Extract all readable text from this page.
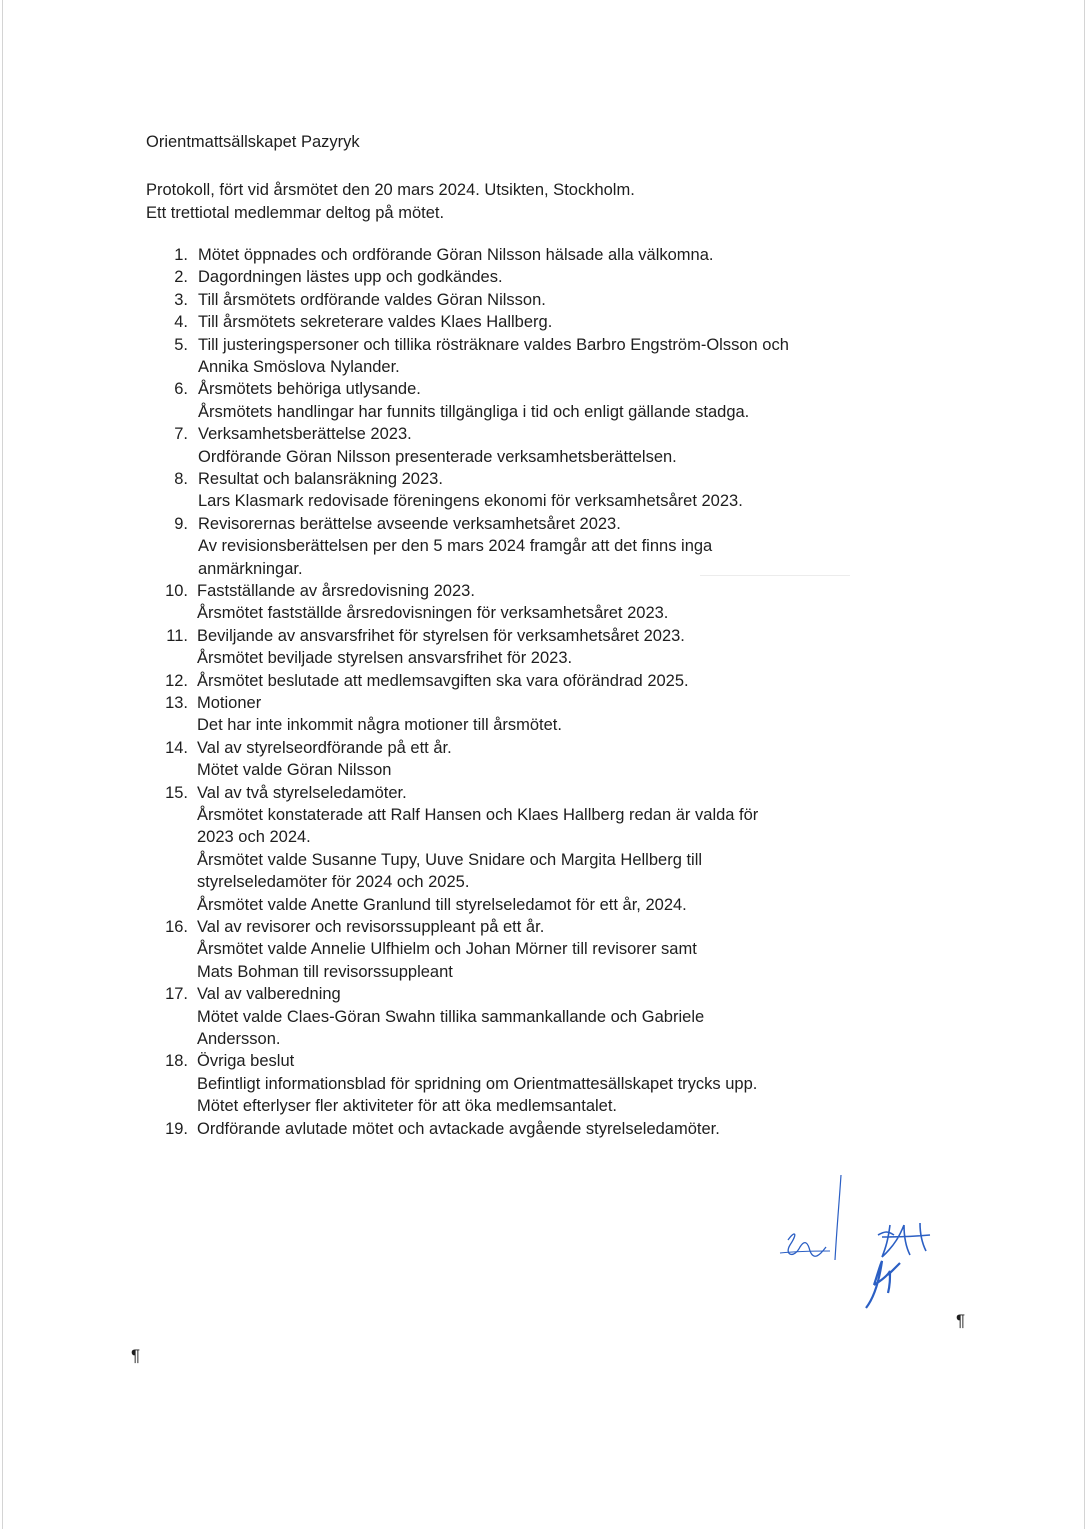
Orientmattsällskapet Pazyryk
Protokoll, fört vid årsmötet den 20 mars 2024. Utsikten, Stockholm.
Ett trettiotal medlemmar deltog på mötet.
1. Mötet öppnades och ordförande Göran Nilsson hälsade alla välkomna.
2. Dagordningen lästes upp och godkändes.
3. Till årsmötets ordförande valdes Göran Nilsson.
4. Till årsmötets sekreterare valdes Klaes Hallberg.
5. Till justeringspersoner och tillika rösträknare valdes Barbro Engström-Olsson och
Annika Smöslova Nylander.
6. Årsmötets behöriga utlysande.
Årsmötets handlingar har funnits tillgängliga i tid och enligt gällande stadga.
7. Verksamhetsberättelse 2023.
Ordförande Göran Nilsson presenterade verksamhetsberättelsen.
8. Resultat och balansräkning 2023.
Lars Klasmark redovisade föreningens ekonomi för verksamhetsåret 2023.
9. Revisorernas berättelse avseende verksamhetsåret 2023.
Av revisionsberättelsen per den 5 mars 2024 framgår att det finns inga
anmärkningar.
10. Fastställande av årsredovisning 2023.
Årsmötet fastställde årsredovisningen för verksamhetsåret 2023.
11. Beviljande av ansvarsfrihet för styrelsen för verksamhetsåret 2023.
Årsmötet beviljade styrelsen ansvarsfrihet för 2023.
12. Årsmötet beslutade att medlemsavgiften ska vara oförändrad 2025.
13. Motioner
Det har inte inkommit några motioner till årsmötet.
14. Val av styrelseordförande på ett år.
Mötet valde Göran Nilsson
15. Val av två styrelseledamöter.
Årsmötet konstaterade att Ralf Hansen och Klaes Hallberg redan är valda för
2023 och 2024.
Årsmötet valde Susanne Tupy, Uuve Snidare och Margita Hellberg till
styrelseledamöter för 2024 och 2025.
Årsmötet valde Anette Granlund till styrelseledamot för ett år, 2024.
16. Val av revisorer och revisorssuppleant på ett år.
Årsmötet valde Annelie Ulfhielm och Johan Mörner till revisorer samt
Mats Bohman till revisorssuppleant
17. Val av valberedning
Mötet valde Claes-Göran Swahn tillika sammankallande och Gabriele
Andersson.
18. Övriga beslut
Befintligt informationsblad för spridning om Orientmattesällskapet trycks upp.
Mötet efterlyser fler aktiviteter för att öka medlemsantalet.
19. Ordförande avlutade mötet och avtackade avgående styrelseledamöter.
¶
¶
